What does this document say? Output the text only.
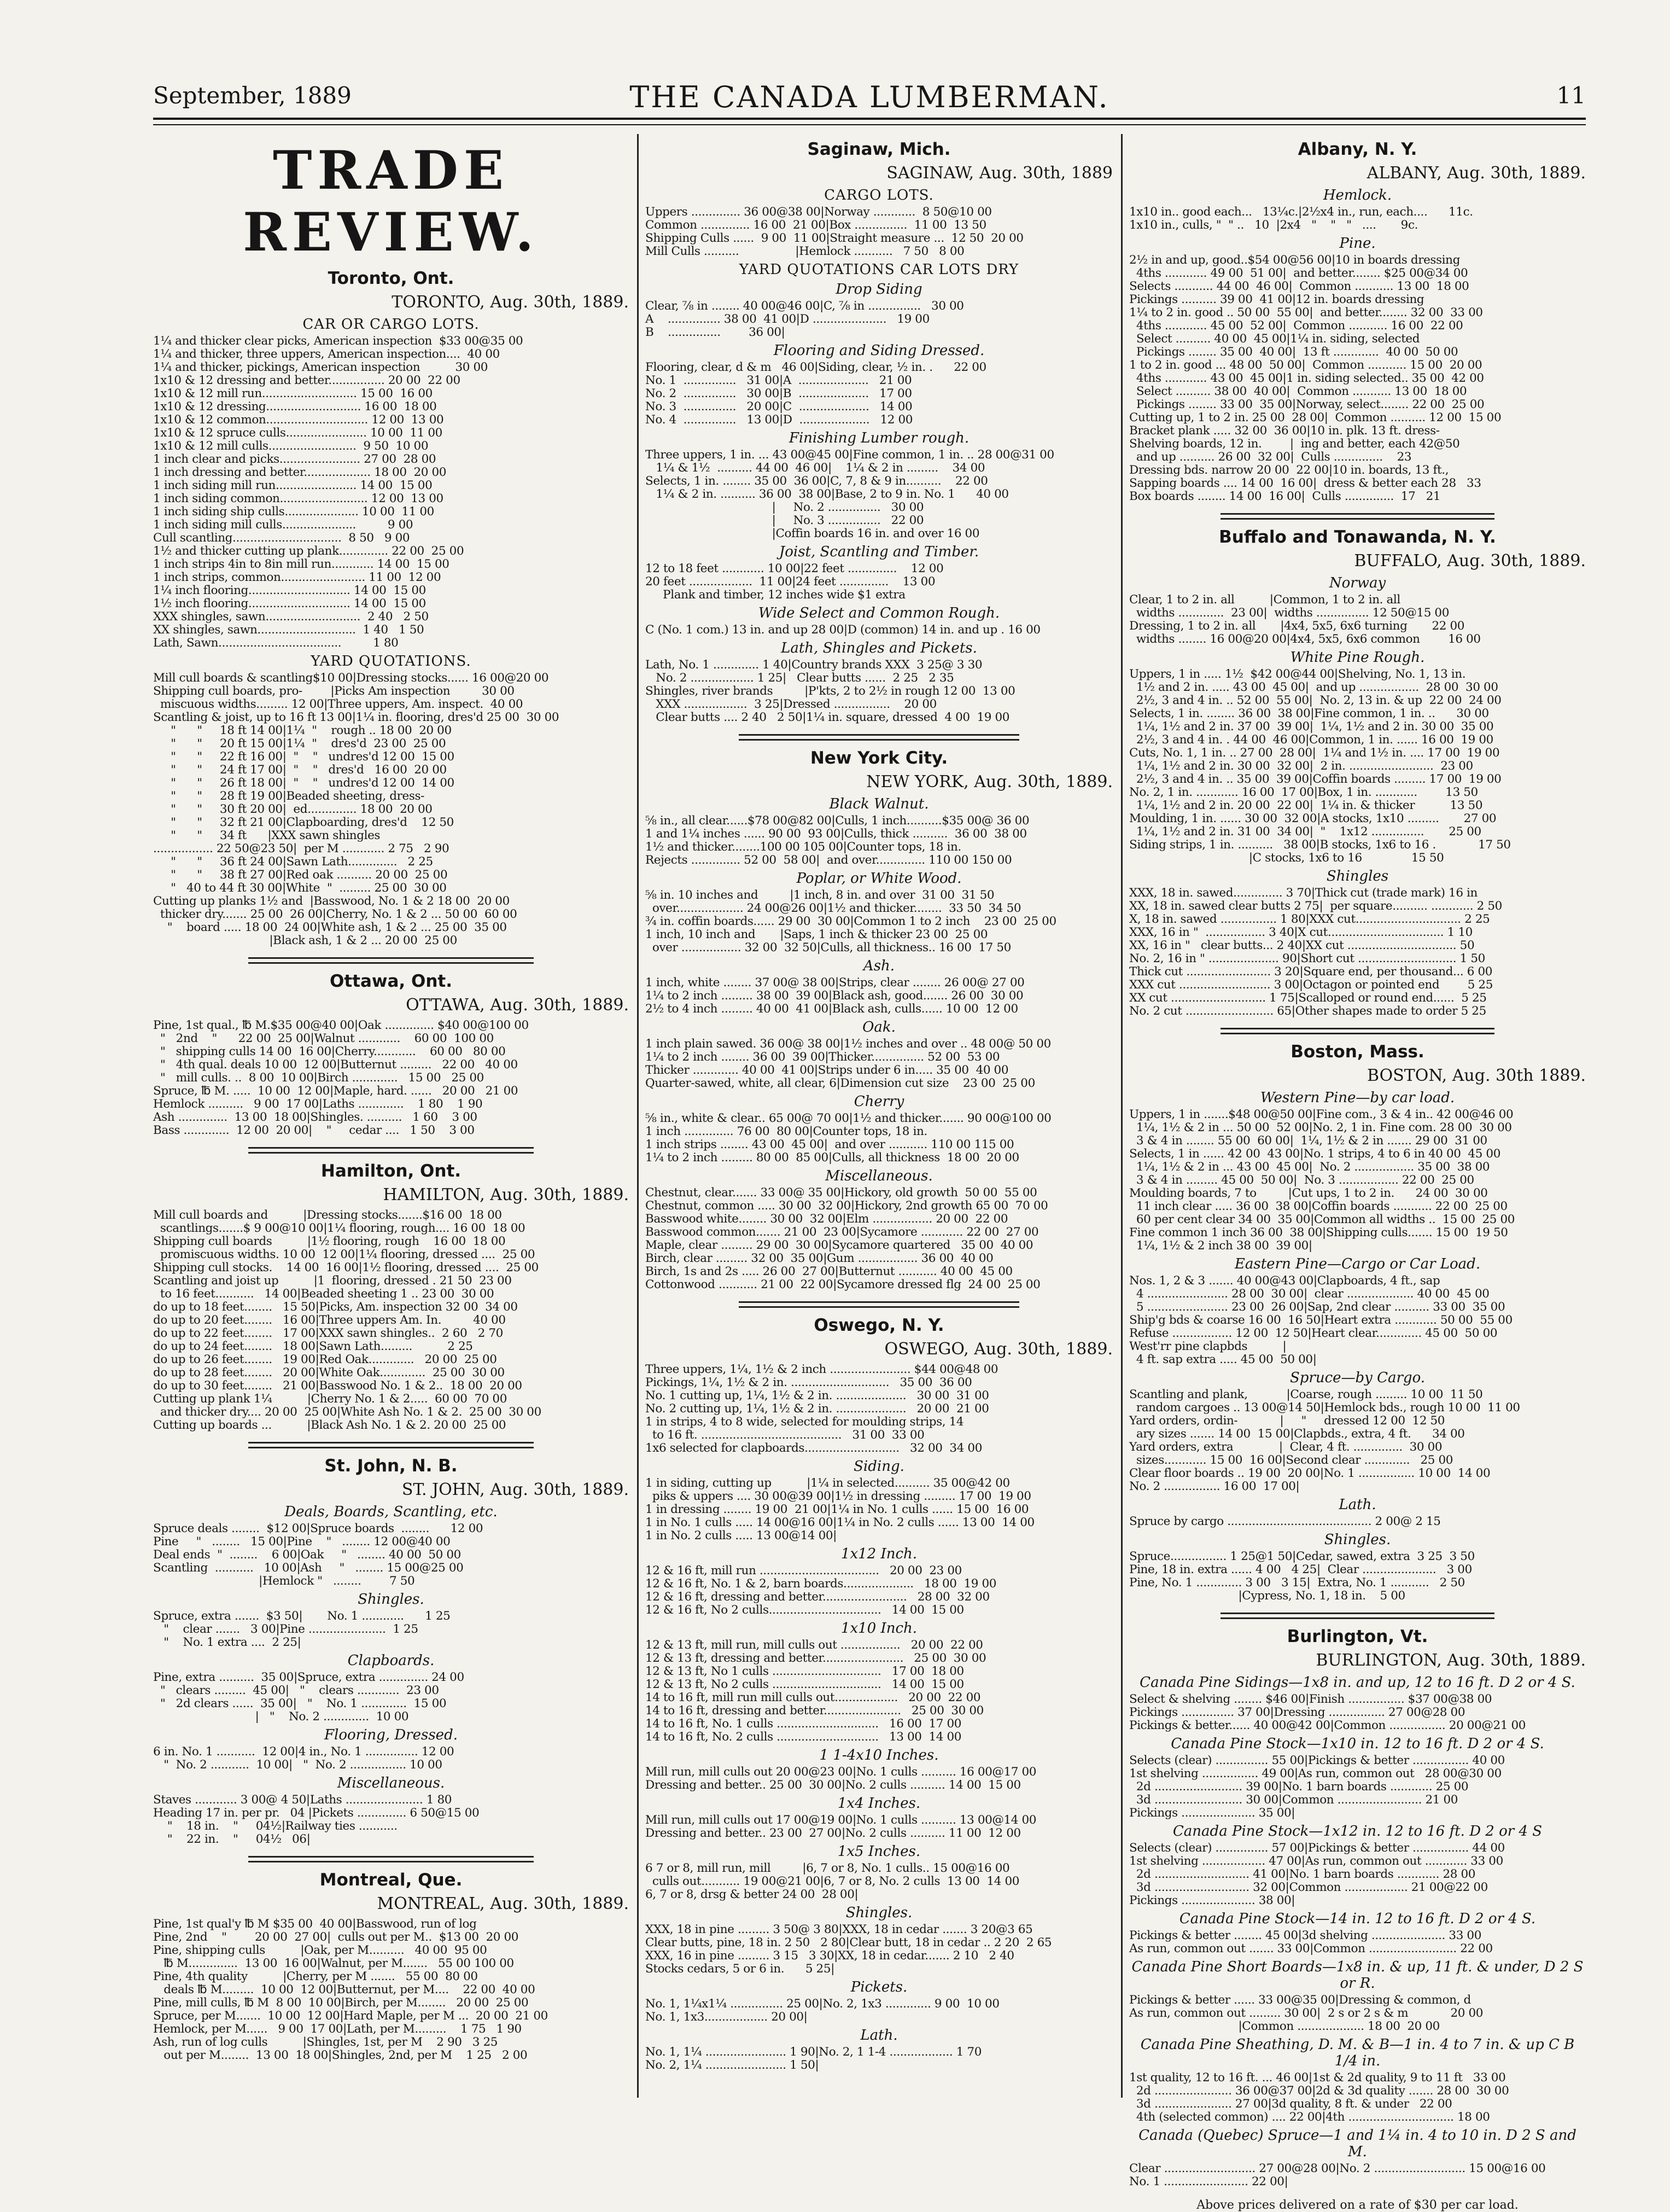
September, 1889	THE CANADA LUMBERMAN.	11
TRADE REVIEW.
Toronto, Ont.
TORONTO, Aug. 30th, 1889.
CAR OR CARGO LOTS.
1¼ and thicker clear picks, American inspection  $33 00@35 00
1¼ and thicker, three uppers, American inspection....  40 00
1¼ and thicker, pickings, American inspection          30 00
1x10 & 12 dressing and better................ 20 00  22 00
1x10 & 12 mill run........................... 15 00  16 00
1x10 & 12 dressing........................... 16 00  18 00
1x10 & 12 common............................. 12 00  13 00
1x10 & 12 spruce culls....................... 10 00  11 00
1x10 & 12 mill culls.........................  9 50  10 00
1 inch clear and picks....................... 27 00  28 00
1 inch dressing and better................... 18 00  20 00
1 inch siding mill run....................... 14 00  15 00
1 inch siding common......................... 12 00  13 00
1 inch siding ship culls..................... 10 00  11 00
1 inch siding mill culls.....................         9 00
Cull scantling...............................  8 50   9 00
1½ and thicker cutting up plank.............. 22 00  25 00
1 inch strips 4in to 8in mill run............ 14 00  15 00
1 inch strips, common........................ 11 00  12 00
1¼ inch flooring............................. 14 00  15 00
1½ inch flooring............................. 14 00  15 00
XXX shingles, sawn...........................  2 40   2 50
XX shingles, sawn............................  1 40   1 50
Lath, Sawn...................................         1 80
YARD QUOTATIONS.
Mill cull boards & scantling$10 00|Dressing stocks...... 16 00@20 00
Shipping cull boards, pro-        |Picks Am inspection         30 00
miscuous widths......... 12 00|Three uppers, Am. inspect.  40 00
Scantling & joist, up to 16 ft 13 00|1¼ in. flooring, dres'd 25 00  30 00
"      "     18 ft 14 00|1¼  "    rough .. 18 00  20 00
"      "     20 ft 15 00|1¼  "    dres'd  23 00  25 00
"      "     22 ft 16 00|  "    "   undres'd 12 00  15 00
"      "     24 ft 17 00|  "    "   dres'd   16 00  20 00
"      "     26 ft 18 00|  "    "   undres'd 12 00  14 00
"      "     28 ft 19 00|Beaded sheeting, dress-
"      "     30 ft 20 00|  ed.............. 18 00  20 00
"      "     32 ft 21 00|Clapboarding, dres'd    12 50
"      "     34 ft      |XXX sawn shingles
................. 22 50@23 50|  per M ............ 2 75   2 90
"      "     36 ft 24 00|Sawn Lath..............   2 25
"      "     38 ft 27 00|Red oak .......... 20 00  25 00
"   40 to 44 ft 30 00|White  "  ......... 25 00  30 00
Cutting up planks 1½ and  |Basswood, No. 1 & 2 18 00  20 00
thicker dry....... 25 00  26 00|Cherry, No. 1 & 2 ... 50 00  60 00
"    board ..... 18 00  24 00|White ash, 1 & 2 ... 25 00  35 00
|Black ash, 1 & 2 ... 20 00  25 00
Ottawa, Ont.
OTTAWA, Aug. 30th, 1889.
Pine, 1st qual., ℔ M.$35 00@40 00|Oak .............. $40 00@100 00
"   2nd    "      22 00  25 00|Walnut ............    60 00  100 00
"   shipping culls 14 00  16 00|Cherry............    60 00   80 00
"   4th qual. deals 10 00  12 00|Butternut .........   22 00   40 00
"   mill culls. ..  8 00  10 00|Birch .............   15 00   25 00
Spruce, ℔ M. .....  10 00  12 00|Maple, hard. ......   20 00   21 00
Hemlock ..........   9 00  17 00|Laths .............    1 80    1 90
Ash ..............  13 00  18 00|Shingles. ..........   1 60    3 00
Bass .............  12 00  20 00|    "     cedar ....   1 50    3 00
Hamilton, Ont.
HAMILTON, Aug. 30th, 1889.
Mill cull boards and          |Dressing stocks.......$16 00  18 00
scantlings.......$ 9 00@10 00|1¼ flooring, rough.... 16 00  18 00
Shipping cull boards          |1½ flooring, rough    16 00  18 00
promiscuous widths. 10 00  12 00|1¼ flooring, dressed ....  25 00
Shipping cull stocks.    14 00  16 00|1½ flooring, dressed ....  25 00
Scantling and joist up          |1  flooring, dressed . 21 50  23 00
to 16 feet...........   14 00|Beaded sheeting 1 .. 23 00  30 00
do up to 18 feet........   15 50|Picks, Am. inspection 32 00  34 00
do up to 20 feet........   16 00|Three uppers Am. In.         40 00
do up to 22 feet........   17 00|XXX sawn shingles..  2 60   2 70
do up to 24 feet........   18 00|Sawn Lath.........          2 25
do up to 26 feet........   19 00|Red Oak.............   20 00  25 00
do up to 28 feet........   20 00|White Oak.............  25 00  30 00
do up to 30 feet........   21 00|Basswood No. 1 & 2..  18 00  20 00
Cutting up plank 1¼          |Cherry No. 1 & 2.....  60 00  70 00
and thicker dry.... 20 00  25 00|White Ash No. 1 & 2.  25 00  30 00
Cutting up boards ...          |Black Ash No. 1 & 2. 20 00  25 00
St. John, N. B.
ST. JOHN, Aug. 30th, 1889.
Deals, Boards, Scantling, etc.
Spruce deals ........  $12 00|Spruce boards  ........      12 00
Pine     "   ........   15 00|Pine    "   ........ 12 00@40 00
Deal ends  "  ........    6 00|Oak     "   ........ 40 00  50 00
Scantling  ...........   10 00|Ash     "   ........ 15 00@25 00
|Hemlock "   ........        7 50
Shingles.
Spruce, extra .......  $3 50|       No. 1 ............      1 25
"    clear .......   3 00|Pine ......................  1 25
"    No. 1 extra ....  2 25|
Clapboards.
Pine, extra ..........  35 00|Spruce, extra .............. 24 00
"   clears .........  45 00|   "    clears ............  23 00
"   2d clears ......  35 00|   "    No. 1 .............  15 00
|   "    No. 2 .............  10 00
Flooring, Dressed.
6 in. No. 1 ...........  12 00|4 in., No. 1 ............... 12 00
"  No. 2 ...........  10 00|   "  No. 2 ................ 10 00
Miscellaneous.
Staves ............ 3 00@ 4 50|Laths ...................... 1 80
Heading 17 in. per pr.   04 |Pickets .............. 6 50@15 00
"    18 in.    "     04½|Railway ties ...........
"    22 in.    "     04½   06|
Montreal, Que.
MONTREAL, Aug. 30th, 1889.
Pine, 1st qual'y ℔ M $35 00  40 00|Basswood, run of log
Pine, 2nd    "        20 00  27 00|  culls out per M..  $13 00  20 00
Pine, shipping culls          |Oak, per M..........   40 00  95 00
℔ M..............  13 00  16 00|Walnut, per M.......   55 00 100 00
Pine, 4th quality          |Cherry, per M .......   55 00  80 00
deals ℔ M.........  10 00  12 00|Butternut, per M....    22 00  40 00
Pine, mill culls, ℔ M  8 00  10 00|Birch, per M........   20 00  25 00
Spruce, per M.......  10 00  12 00|Hard Maple, per M ...  20 00  21 00
Hemlock, per M......   9 00  17 00|Lath, per M.........    1 75   1 90
Ash, run of log culls          |Shingles, 1st, per M    2 90   3 25
out per M........  13 00  18 00|Shingles, 2nd, per M    1 25   2 00
Saginaw, Mich.
SAGINAW, Aug. 30th, 1889
CARGO LOTS.
Uppers .............. 36 00@38 00|Norway ............  8 50@10 00
Common .............. 16 00  21 00|Box ...............  11 00  13 50
Shipping Culls ......  9 00  11 00|Straight measure ...  12 50  20 00
Mill Culls ..........                |Hemlock ...........   7 50   8 00
YARD QUOTATIONS CAR LOTS DRY
Drop Siding
Clear, ⅞ in ........ 40 00@46 00|C, ⅞ in ...............   30 00
A    ............... 38 00  41 00|D .....................   19 00
B    ...............        36 00|
Flooring and Siding Dressed.
Flooring, clear, d & m   46 00|Siding, clear, ½ in. .      22 00
No. 1  ...............   31 00|A  ....................   21 00
No. 2  ...............   30 00|B  ....................   17 00
No. 3  ...............   20 00|C  ....................   14 00
No. 4  ...............   13 00|D  ....................   12 00
Finishing Lumber rough.
Three uppers, 1 in. ... 43 00@45 00|Fine common, 1 in. .. 28 00@31 00
1¼ & 1½  .......... 44 00  46 00|    1¼ & 2 in .........    34 00
Selects, 1 in. ........ 35 00  36 00|C, 7, 8 & 9 in..........    22 00
1¼ & 2 in. .......... 36 00  38 00|Base, 2 to 9 in. No. 1      40 00
|     No. 2 ...............   30 00
|     No. 3 ...............   22 00
|Coffin boards 16 in. and over 16 00
Joist, Scantling and Timber.
12 to 18 feet ............ 10 00|22 feet ..............    12 00
20 feet ..................  11 00|24 feet ..............    13 00
Plank and timber, 12 inches wide $1 extra
Wide Select and Common Rough.
C (No. 1 com.) 13 in. and up 28 00|D (common) 14 in. and up . 16 00
Lath, Shingles and Pickets.
Lath, No. 1 ............. 1 40|Country brands XXX  3 25@ 3 30
No. 2 .................. 1 25|   Clear butts ......  2 25   2 35
Shingles, river brands         |P'kts, 2 to 2½ in rough 12 00  13 00
XXX ..................  3 25|Dressed ................    20 00
Clear butts .... 2 40   2 50|1¼ in. square, dressed  4 00  19 00
New York City.
NEW YORK, Aug. 30th, 1889.
Black Walnut.
⅝ in., all clear......$78 00@82 00|Culls, 1 inch..........$35 00@ 36 00
1 and 1¼ inches ...... 90 00  93 00|Culls, thick ..........  36 00  38 00
1½ and thicker........100 00 105 00|Counter tops, 18 in.
Rejects .............. 52 00  58 00|  and over.............. 110 00 150 00
Poplar, or White Wood.
⅝ in. 10 inches and         |1 inch, 8 in. and over  31 00  31 50
over................... 24 00@26 00|1½ and thicker........  33 50  34 50
¾ in. coffin boards...... 29 00  30 00|Common 1 to 2 inch    23 00  25 00
1 inch, 10 inch and       |Saps, 1 inch & thicker 23 00  25 00
over ................. 32 00  32 50|Culls, all thickness.. 16 00  17 50
Ash.
1 inch, white ........ 37 00@ 38 00|Strips, clear ........ 26 00@ 27 00
1¼ to 2 inch ......... 38 00  39 00|Black ash, good....... 26 00  30 00
2½ to 4 inch ......... 40 00  41 00|Black ash, culls...... 10 00  12 00
Oak.
1 inch plain sawed. 36 00@ 38 00|1½ inches and over .. 48 00@ 50 00
1¼ to 2 inch ........ 36 00  39 00|Thicker............... 52 00  53 00
Thicker ............. 40 00  41 00|Strips under 6 in..... 35 00  40 00
Quarter-sawed, white, all clear, 6|Dimension cut size    23 00  25 00
Cherry
⅝ in., white & clear.. 65 00@ 70 00|1½ and thicker....... 90 00@100 00
1 inch .............. 76 00  80 00|Counter tops, 18 in.
1 inch strips ........ 43 00  45 00|  and over ........... 110 00 115 00
1¼ to 2 inch ......... 80 00  85 00|Culls, all thickness  18 00  20 00
Miscellaneous.
Chestnut, clear....... 33 00@ 35 00|Hickory, old growth  50 00  55 00
Chestnut, common ..... 30 00  32 00|Hickory, 2nd growth 65 00  70 00
Basswood white........ 30 00  32 00|Elm ................. 20 00  22 00
Basswood common....... 21 00  23 00|Sycamore ............ 22 00  27 00
Maple, clear ......... 29 00  30 00|Sycamore quartered   35 00  40 00
Birch, clear ......... 32 00  35 00|Gum ................. 36 00  40 00
Birch, 1s and 2s ..... 26 00  27 00|Butternut ........... 40 00  45 00
Cottonwood ........... 21 00  22 00|Sycamore dressed flg  24 00  25 00
Oswego, N. Y.
OSWEGO, Aug. 30th, 1889.
Three uppers, 1¼, 1½ & 2 inch ....................... $44 00@48 00
Pickings, 1¼, 1½ & 2 in. ............................   35 00  36 00
No. 1 cutting up, 1¼, 1½ & 2 in. ....................   30 00  31 00
No. 2 cutting up, 1¼, 1½ & 2 in. ....................   20 00  21 00
1 in strips, 4 to 8 wide, selected for moulding strips, 14
to 16 ft. ........................................   31 00  33 00
1x6 selected for clapboards...........................   32 00  34 00
Siding.
1 in siding, cutting up          |1¼ in selected.......... 35 00@42 00
piks & uppers .... 30 00@39 00|1½ in dressing ......... 17 00  19 00
1 in dressing ........ 19 00  21 00|1¼ in No. 1 culls ...... 15 00  16 00
1 in No. 1 culls ..... 14 00@16 00|1¼ in No. 2 culls ...... 13 00  14 00
1 in No. 2 culls ..... 13 00@14 00|
1x12 Inch.
12 & 16 ft, mill run ..................................   20 00  23 00
12 & 16 ft, No. 1 & 2, barn boards....................   18 00  19 00
12 & 16 ft, dressing and better........................   28 00  32 00
12 & 16 ft, No 2 culls................................   14 00  15 00
1x10 Inch.
12 & 13 ft, mill run, mill culls out .................   20 00  22 00
12 & 13 ft, dressing and better.......................   25 00  30 00
12 & 13 ft, No 1 culls ...............................   17 00  18 00
12 & 13 ft, No 2 culls ...............................   14 00  15 00
14 to 16 ft, mill run mill culls out..................   20 00  22 00
14 to 16 ft, dressing and better......................   25 00  30 00
14 to 16 ft, No. 1 culls .............................   16 00  17 00
14 to 16 ft, No. 2 culls .............................   13 00  14 00
1 1-4x10 Inches.
Mill run, mill culls out 20 00@23 00|No. 1 culls .......... 16 00@17 00
Dressing and better.. 25 00  30 00|No. 2 culls .......... 14 00  15 00
1x4 Inches.
Mill run, mill culls out 17 00@19 00|No. 1 culls .......... 13 00@14 00
Dressing and better.. 23 00  27 00|No. 2 culls .......... 11 00  12 00
1x5 Inches.
6 7 or 8, mill run, mill         |6, 7 or 8, No. 1 culls.. 15 00@16 00
culls out........... 19 00@21 00|6, 7 or 8, No. 2 culls  13 00  14 00
6, 7 or 8, drsg & better 24 00  28 00|
Shingles.
XXX, 18 in pine ......... 3 50@ 3 80|XXX, 18 in cedar ....... 3 20@3 65
Clear butts, pine, 18 in. 2 50   2 80|Clear butt, 18 in cedar .. 2 20  2 65
XXX, 16 in pine ......... 3 15   3 30|XX, 18 in cedar....... 2 10   2 40
Stocks cedars, 5 or 6 in.      5 25|
Pickets.
No. 1, 1¼x1¼ ............... 25 00|No. 2, 1x3 ............. 9 00  10 00
No. 1, 1x3.................. 20 00|
Lath.
No. 1, 1¼ ....................... 1 90|No. 2, 1 1-4 .................. 1 70
No. 2, 1¼ ....................... 1 50|
Albany, N. Y.
ALBANY, Aug. 30th, 1889.
Hemlock.
1x10 in.. good each...   13¼c.|2½x4 in., run, each....      11c.
1x10 in., culls, "  " ..   10  |2x4   "    "   "   ....       9c.
Pine.
2½ in and up, good..$54 00@56 00|10 in boards dressing
4ths ............ 49 00  51 00|  and better........ $25 00@34 00
Selects ........... 44 00  46 00|  Common ........... 13 00  18 00
Pickings .......... 39 00  41 00|12 in. boards dressing
1¼ to 2 in. good .. 50 00  55 00|  and better........ 32 00  33 00
4ths ............ 45 00  52 00|  Common ........... 16 00  22 00
Select .......... 40 00  45 00|1¼ in. siding, selected
Pickings ........ 35 00  40 00|  13 ft .............  40 00  50 00
1 to 2 in. good ... 48 00  50 00|  Common ........... 15 00  20 00
4ths ............ 43 00  45 00|1 in. siding selected.. 35 00  42 00
Select .......... 38 00  40 00|  Common ........... 13 00  18 00
Pickings ........ 33 00  35 00|Norway, select........ 22 00  25 00
Cutting up, 1 to 2 in. 25 00  28 00|  Common .......... 12 00  15 00
Bracket plank ..... 32 00  36 00|10 in. plk. 13 ft. dress-
Shelving boards, 12 in.        |  ing and better, each 42@50
and up .......... 26 00  32 00|  Culls ..............    23
Dressing bds. narrow 20 00  22 00|10 in. boards, 13 ft.,
Sapping boards .... 14 00  16 00|  dress & better each 28   33
Box boards ........ 14 00  16 00|  Culls ..............  17   21
Buffalo and Tonawanda, N. Y.
BUFFALO, Aug. 30th, 1889.
Norway
Clear, 1 to 2 in. all          |Common, 1 to 2 in. all
widths .............  23 00|  widths ............... 12 50@15 00
Dressing, 1 to 2 in. all       |4x4, 5x5, 6x6 turning       22 00
widths ........ 16 00@20 00|4x4, 5x5, 6x6 common        16 00
White Pine Rough.
Uppers, 1 in ..... 1½  $42 00@44 00|Shelving, No. 1, 13 in.
1½ and 2 in. ..... 43 00  45 00|  and up .................  28 00  30 00
2½, 3 and 4 in. .. 52 00  55 00|  No. 2, 13 in. & up  22 00  24 00
Selects, 1 in. ........ 36 00  38 00|Fine common, 1 in. ..      30 00
1¼, 1½ and 2 in. 37 00  39 00|  1¼, 1½ and 2 in. 30 00  35 00
2½, 3 and 4 in. . 44 00  46 00|Common, 1 in. ...... 16 00  19 00
Cuts, No. 1, 1 in. .. 27 00  28 00|  1¼ and 1½ in. .... 17 00  19 00
1¼, 1½ and 2 in. 30 00  32 00|  2 in. ........................  23 00
2½, 3 and 4 in. .. 35 00  39 00|Coffin boards ......... 17 00  19 00
No. 2, 1 in. ............ 16 00  17 00|Box, 1 in. ............        13 50
1¼, 1½ and 2 in. 20 00  22 00|  1¼ in. & thicker          13 50
Moulding, 1 in. ...... 30 00  32 00|A stocks, 1x10 .........       27 00
1¼, 1½ and 2 in. 31 00  34 00|  "    1x12 ...............       25 00
Siding strips, 1 in. ..........   38 00|B stocks, 1x6 to 16 .            17 50
|C stocks, 1x6 to 16              15 50
Shingles
XXX, 18 in. sawed.............. 3 70|Thick cut (trade mark) 16 in
XX, 18 in. sawed clear butts 2 75|  per square.......... ............ 2 50
X, 18 in. sawed ................ 1 80|XXX cut.............................. 2 25
XXX, 16 in "  ................. 3 40|X cut................................. 1 10
XX, 16 in "   clear butts... 2 40|XX cut ............................... 50
No. 2, 16 in " .................... 90|Short cut ............................ 1 50
Thick cut ........................ 3 20|Square end, per thousand... 6 00
XXX cut .......................... 3 00|Octagon or pointed end        5 25
XX cut ........................... 1 75|Scalloped or round end......  5 25
No. 2 cut ......................... 65|Other shapes made to order 5 25
Boston, Mass.
BOSTON, Aug. 30th 1889.
Western Pine—by car load.
Uppers, 1 in .......$48 00@50 00|Fine com., 3 & 4 in.. 42 00@46 00
1¼, 1½ & 2 in ... 50 00  52 00|No. 2, 1 in. Fine com. 28 00  30 00
3 & 4 in ........ 55 00  60 00|  1¼, 1½ & 2 in ....... 29 00  31 00
Selects, 1 in ...... 42 00  43 00|No. 1 strips, 4 to 6 in 40 00  45 00
1¼, 1½ & 2 in ... 43 00  45 00|  No. 2 ................. 35 00  38 00
3 & 4 in ......... 45 00  50 00|  No. 3 ................. 22 00  25 00
Moulding boards, 7 to         |Cut ups, 1 to 2 in.      24 00  30 00
11 inch clear ..... 36 00  38 00|Coffin boards ........... 22 00  25 00
60 per cent clear 34 00  35 00|Common all widths ..  15 00  25 00
Fine common 1 inch 36 00  38 00|Shipping culls....... 15 00  19 50
1¼, 1½ & 2 inch 38 00  39 00|
Eastern Pine—Cargo or Car Load.
Nos. 1, 2 & 3 ....... 40 00@43 00|Clapboards, 4 ft., sap
4 ....................... 28 00  30 00|  clear ................... 40 00  45 00
5 ....................... 23 00  26 00|Sap, 2nd clear .......... 33 00  35 00
Ship'g bds & coarse 16 00  16 50|Heart extra ............ 50 00  55 00
Refuse ................. 12 00  12 50|Heart clear............. 45 00  50 00
West'rr pine clapbds          |
4 ft. sap extra ..... 45 00  50 00|
Spruce—by Cargo.
Scantling and plank,           |Coarse, rough ......... 10 00  11 50
random cargoes .. 13 00@14 50|Hemlock bds., rough 10 00  11 00
Yard orders, ordin-            |     "     dressed 12 00  12 50
ary sizes ....... 14 00  15 00|Clapbds., extra, 4 ft.      34 00
Yard orders, extra             |  Clear, 4 ft. ..............  30 00
sizes............ 15 00  16 00|Second clear .............   25 00
Clear floor boards .. 19 00  20 00|No. 1 ................ 10 00  14 00
No. 2 ................ 16 00  17 00|
Lath.
Spruce by cargo ......................................... 2 00@ 2 15
Shingles.
Spruce................ 1 25@1 50|Cedar, sawed, extra  3 25  3 50
Pine, 18 in. extra ...... 4 00   4 25|  Clear .....................   3 00
Pine, No. 1 ............. 3 00   3 15|  Extra, No. 1 ...........   2 50
|Cypress, No. 1, 18 in.    5 00
Burlington, Vt.
BURLINGTON, Aug. 30th, 1889.
Canada Pine Sidings—1x8 in. and up, 12 to 16 ft. D 2 or 4 S.
Select & shelving ........ $46 00|Finish ................ $37 00@38 00
Pickings ............... 37 00|Dressing ................ 27 00@28 00
Pickings & better...... 40 00@42 00|Common ................ 20 00@21 00
Canada Pine Stock—1x10 in. 12 to 16 ft. D 2 or 4 S.
Selects (clear) ............... 55 00|Pickings & better ................ 40 00
1st shelving ................ 49 00|As run, common out   28 00@30 00
2d ......................... 39 00|No. 1 barn boards ............ 25 00
3d ......................... 30 00|Common ........................ 21 00
Pickings ..................... 35 00|
Canada Pine Stock—1x12 in. 12 to 16 ft. D 2 or 4 S
Selects (clear) ............... 57 00|Pickings & better ................ 44 00
1st shelving .................. 47 00|As run, common out ............ 33 00
2d ........................... 41 00|No. 1 barn boards ............ 28 00
3d ........................... 32 00|Common .................. 21 00@22 00
Pickings ..................... 38 00|
Canada Pine Stock—14 in. 12 to 16 ft. D 2 or 4 S.
Pickings & better ........ 45 00|3d shelving ..................... 33 00
As run, common out ....... 33 00|Common ......................... 22 00
Canada Pine Short Boards—1x8 in. & up, 11 ft. & under, D 2 S or R.
Pickings & better ...... 33 00@35 00|Dressing & common, d
As run, common out ......... 30 00|  2 s or 2 s & m            20 00
|Common ................... 18 00  20 00
Canada Pine Sheathing, D. M. & B—1 in. 4 to 7 in. & up C B 1/4 in.
1st quality, 12 to 16 ft. ... 46 00|1st & 2d quality, 9 to 11 ft   33 00
2d ...................... 36 00@37 00|2d & 3d quality ....... 28 00  30 00
3d ...................... 27 00|3d quality, 8 ft. & under   22 00
4th (selected common) .... 22 00|4th .............................. 18 00
Canada (Quebec) Spruce—1 and 1¼ in. 4 to 10 in. D 2 S and M.
Clear .......................... 27 00@28 00|No. 2 .......................... 15 00@16 00
No. 1 ........................ 22 00|
Above prices delivered on a rate of $30 per car load.
